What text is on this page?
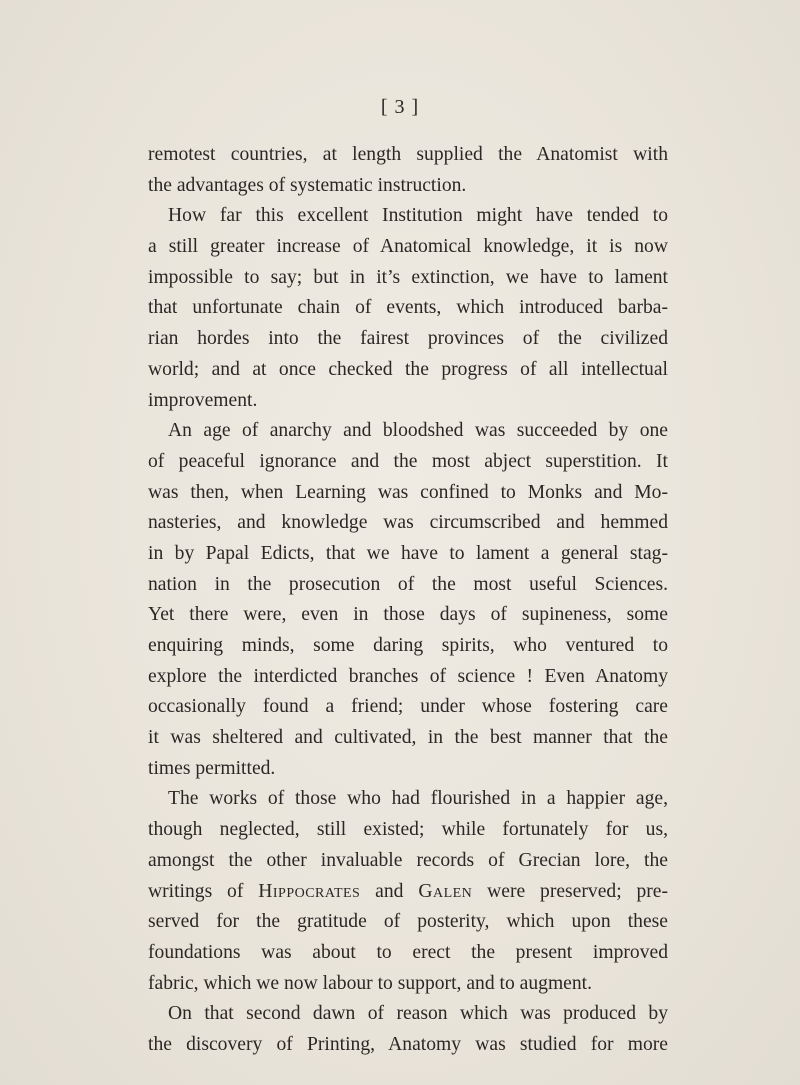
[ 3 ]
remotest countries, at length supplied the Anatomist with
the advantages of systematic instruction.
How far this excellent Institution might have tended to
a still greater increase of Anatomical knowledge, it is now
impossible to say; but in it’s extinction, we have to lament
that unfortunate chain of events, which introduced barba-
rian hordes into the fairest provinces of the civilized
world; and at once checked the progress of all intellectual
improvement.
An age of anarchy and bloodshed was succeeded by one
of peaceful ignorance and the most abject superstition. It
was then, when Learning was confined to Monks and Mo-
nasteries, and knowledge was circumscribed and hemmed
in by Papal Edicts, that we have to lament a general stag-
nation in the prosecution of the most useful Sciences.
Yet there were, even in those days of supineness, some
enquiring minds, some daring spirits, who ventured to
explore the interdicted branches of science ! Even Anatomy
occasionally found a friend; under whose fostering care
it was sheltered and cultivated, in the best manner that the
times permitted.
The works of those who had flourished in a happier age,
though neglected, still existed; while fortunately for us,
amongst the other invaluable records of Grecian lore, the
writings of Hippocrates and Galen were preserved; pre-
served for the gratitude of posterity, which upon these
foundations was about to erect the present improved
fabric, which we now labour to support, and to augment.
On that second dawn of reason which was produced by
the discovery of Printing, Anatomy was studied for more
